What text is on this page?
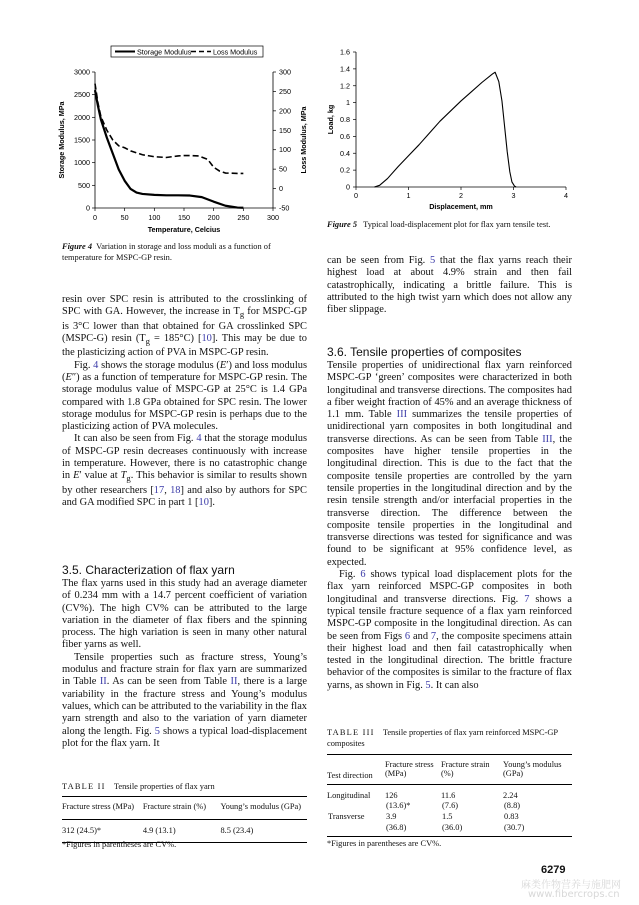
Storage Modulus	Loss Modulus
0	50	100 150 200 250 300
0
500
1000
1500
2000
2500
3000
-50
0
50
100
150
200
250
300
Temperature, Celcius
Storage Modulus, MPa	Loss Modulus, MPa

Figure 4 Variation in storage and loss moduli as a function of temperature for MSPC-GP resin.

0	1	2	3	4
0
0.2
0.4
0.6
0.8
1
1.2
1.4
1.6
Displacement, mm
Load, kg

Figure 5 Typical load-displacement plot for flax yarn tensile test.

resin over SPC resin is attributed to the crosslinking of SPC with GA. However, the increase in $T_g$ for MSPC-GP is 3°C lower than that obtained for GA crosslinked SPC (MSPC-G) resin $(T_g = 185^\circ C)$ [10]. This may be due to the plasticizing action of PVA in MSPC-GP resin.

Fig. 4 shows the storage modulus (E′) and loss modulus (E″) as a function of temperature for MSPC-GP resin. The storage modulus value of MSPC-GP at 25°C is 1.4 GPa compared with 1.8 GPa obtained for SPC resin. The lower storage modulus for MSPC-GP resin is perhaps due to the plasticizing action of PVA molecules.

It can also be seen from Fig. 4 that the storage modulus of MSPC-GP resin decreases continuously with increase in temperature. However, there is no catastrophic change in E′ value at $T_g$. This behavior is similar to results shown by other researchers [17, 18] and also by authors for SPC and GA modified SPC in part 1 [10].

3.5. Characterization of flax yarn

The flax yarns used in this study had an average diameter of 0.234 mm with a 14.7 percent coefficient of variation (CV%). The high CV% can be attributed to the large variation in the diameter of flax fibers and the spinning process. The high variation is seen in many other natural fiber yarns as well.

Tensile properties such as fracture stress, Young’s modulus and fracture strain for flax yarn are summarized in Table II. As can be seen from Table II, there is a large variability in the fracture stress and Young’s modulus values, which can be attributed to the variability in the flax yarn strength and also to the variation of yarn diameter along the length. Fig. 5 shows a typical load-displacement plot for the flax yarn. It

TABLE II Tensile properties of flax yarn
Fracture stress (MPa)	Fracture strain (%)	Young’s modulus (GPa)
312 (24.5)*	4.9 (13.1)	8.5 (23.4)
*Figures in parentheses are CV%.

can be seen from Fig. 5 that the flax yarns reach their highest load at about 4.9% strain and then fail catastrophically, indicating a brittle failure. This is attributed to the high twist yarn which does not allow any fiber slippage.

3.6. Tensile properties of composites

Tensile properties of unidirectional flax yarn reinforced MSPC-GP ‘green’ composites were characterized in both longitudinal and transverse directions. The composites had a fiber weight fraction of 45% and an average thickness of 1.1 mm. Table III summarizes the tensile properties of unidirectional yarn composites in both longitudinal and transverse directions. As can be seen from Table III, the composites have higher tensile properties in the longitudinal direction. This is due to the fact that the composite tensile properties are controlled by the yarn tensile properties in the longitudinal direction and by the resin tensile strength and/or interfacial properties in the transverse direction. The difference between the composite tensile properties in the longitudinal and transverse directions was tested for significance and was found to be significant at 95% confidence level, as expected.

Fig. 6 shows typical load displacement plots for the flax yarn reinforced MSPC-GP composites in both longitudinal and transverse directions. Fig. 7 shows a typical tensile fracture sequence of a flax yarn reinforced MSPC-GP composite in the longitudinal direction. As can be seen from Figs 6 and 7, the composite specimens attain their highest load and then fail catastrophically when tested in the longitudinal direction. The brittle fracture behavior of the composites is similar to the fracture of flax yarns, as shown in Fig. 5. It can also

TABLE III Tensile properties of flax yarn reinforced MSPC-GP composites
Test direction	Fracture stress (MPa)	Fracture strain (%)	Young’s modulus (GPa)
Longitudinal	126	11.6	2.24
	(13.6)*	(7.6)	(8.8)
Transverse	3.9	1.5	0.83
	(36.8)	(36.0)	(30.7)
*Figures in parentheses are CV%.
6279
麻类作物营养与施肥网
www.fibercrops.cn
